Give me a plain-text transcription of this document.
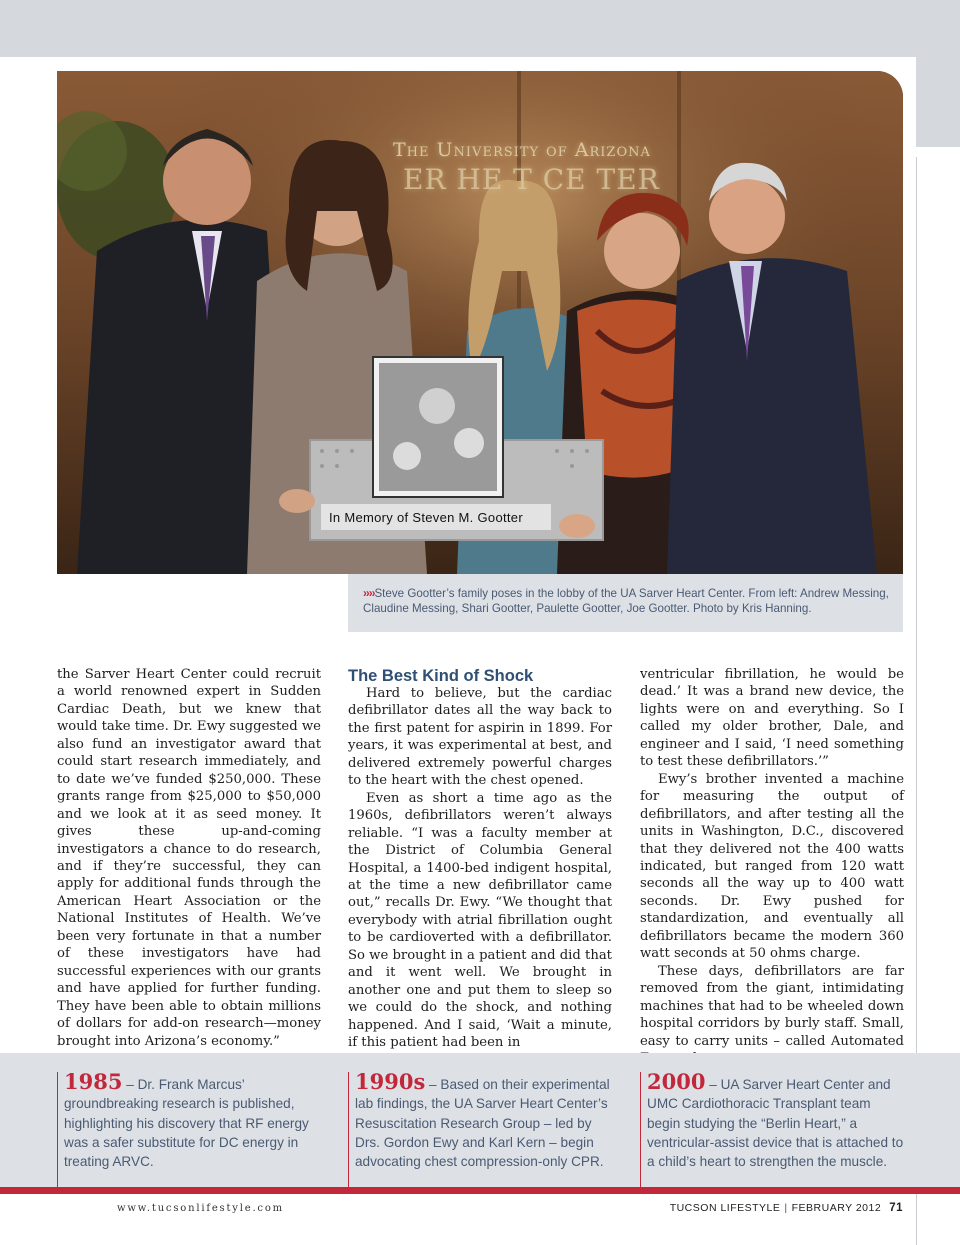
The University of Arizona
ER HE T CE TER
In Memory of Steven M. Gootter
››››Steve Gootter’s family poses in the lobby of the UA Sarver Heart Center. From left: Andrew Messing, Claudine Messing, Shari Gootter, Paulette Gootter, Joe Gootter. Photo by Kris Hanning.

the Sarver Heart Center could recruit a world renowned expert in Sudden Cardiac Death, but we knew that would take time. Dr. Ewy suggested we also fund an investigator award that could start research immediately, and to date we’ve funded $250,000. These grants range from $25,000 to $50,000 and we look at it as seed money. It gives these up-and-coming investigators a chance to do research, and if they’re successful, they can apply for additional funds through the American Heart Association or the National Institutes of Health. We’ve been very fortunate in that a number of these investigators have had successful experiences with our grants and have applied for further funding. They have been able to obtain millions of dollars for add-on research—money brought into Arizona’s economy.”

The Best Kind of Shock

Hard to believe, but the cardiac defibrillator dates all the way back to the first patent for aspirin in 1899. For years, it was experimental at best, and delivered extremely powerful charges to the heart with the chest opened.

Even as short a time ago as the 1960s, defibrillators weren’t always reliable. “I was a faculty member at the District of Columbia General Hospital, a 1400-bed indigent hospital, at the time a new defibrillator came out,” recalls Dr. Ewy. “We thought that everybody with atrial fibrillation ought to be cardioverted with a defibrillator. So we brought in a patient and did that and it went well. We brought in another one and put them to sleep so we could do the shock, and nothing happened. And I said, ‘Wait a minute, if this patient had been in

ventricular fibrillation, he would be dead.’ It was a brand new device, the lights were on and everything. So I called my older brother, Dale, and engineer and I said, ‘I need something to test these defibrillators.’”

Ewy’s brother invented a machine for measuring the output of defibrillators, and after testing all the units in Washington, D.C., discovered that they delivered not the 400 watts indicated, but ranged from 120 watt seconds all the way up to 400 watt seconds. Dr. Ewy pushed for standardization, and eventually all defibrillators became the modern 360 watt seconds at 50 ohms charge.

These days, defibrillators are far removed from the giant, intimidating machines that had to be wheeled down hospital corridors by burly staff. Small, easy to carry units – called Automated

1985 – Dr. Frank Marcus’ groundbreaking research is published, highlighting his discovery that RF energy was a safer substitute for DC energy in treating ARVC.
1990s – Based on their experimental lab findings, the UA Sarver Heart Center’s Resuscitation Research Group – led by Drs. Gordon Ewy and Karl Kern – begin advocating chest compression-only CPR.
2000 – UA Sarver Heart Center and UMC Cardiothoracic Transplant team begin studying the “Berlin Heart,” a ventricular-assist device that is attached to a child’s heart to strengthen the muscle.
www.tucsonlifestyle.com	TUCSON LIFESTYLE | FEBRUARY 2012 71
